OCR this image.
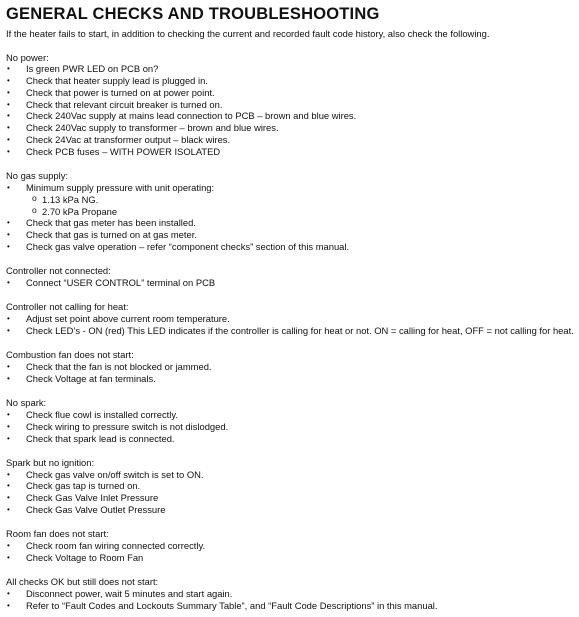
GENERAL CHECKS AND TROUBLESHOOTING

If the heater fails to start, in addition to checking the current and recorded fault code history, also check the following.

No power:

• Is green PWR LED on PCB on?
• Check that heater supply lead is plugged in.
• Check that power is turned on at power point.
• Check that relevant circuit breaker is turned on.
• Check 240Vac supply at mains lead connection to PCB – brown and blue wires.
• Check 240Vac supply to transformer – brown and blue wires.
• Check 24Vac at transformer output – black wires.
• Check PCB fuses – WITH POWER ISOLATED

No gas supply:

• Minimum supply pressure with unit operating:
o 1.13 kPa NG.
o 2.70 kPa Propane
• Check that gas meter has been installed.
• Check that gas is turned on at gas meter.
• Check gas valve operation – refer “component checks” section of this manual.

Controller not connected:

• Connect “USER CONTROL” terminal on PCB

Controller not calling for heat:

• Adjust set point above current room temperature.
• Check LED’s - ON (red) This LED indicates if the controller is calling for heat or not. ON = calling for heat, OFF = not calling for heat.

Combustion fan does not start:

• Check that the fan is not blocked or jammed.
• Check Voltage at fan terminals.

No spark:

• Check flue cowl is installed correctly.
• Check wiring to pressure switch is not dislodged.
• Check that spark lead is connected.

Spark but no ignition:

• Check gas valve on/off switch is set to ON.
• Check gas tap is turned on.
• Check Gas Valve Inlet Pressure
• Check Gas Valve Outlet Pressure

Room fan does not start:

• Check room fan wiring connected correctly.
• Check Voltage to Room Fan

All checks OK but still does not start:

• Disconnect power, wait 5 minutes and start again.
• Refer to “Fault Codes and Lockouts Summary Table”, and “Fault Code Descriptions” in this manual.
